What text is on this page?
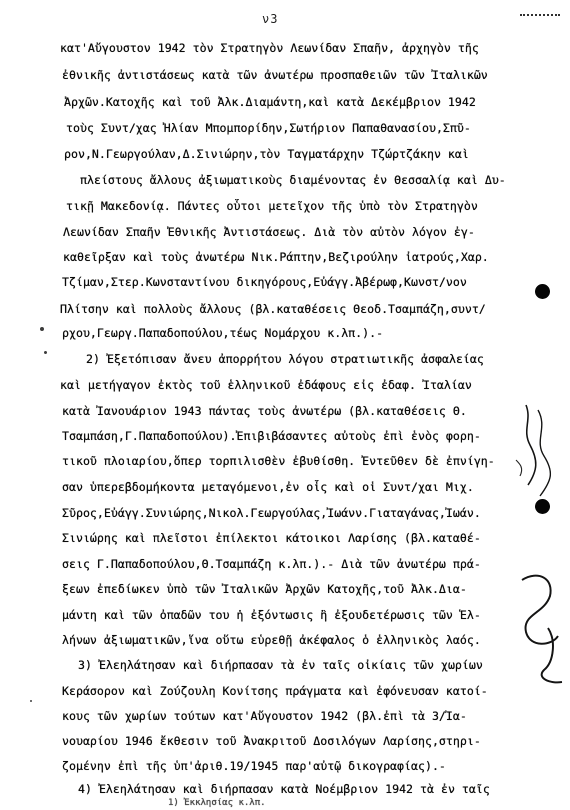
ν3
κατ'Αὔγουστον 1942 τὸν Στρατηγὸν Λεωνίδαν Σπαῆν, ἀρχηγὸν τῆς
ἐθνικῆς ἀντιστάσεως κατὰ τῶν ἀνωτέρω προσπαθειῶν τῶν Ἰταλικῶν
Ἀρχῶν.Κατοχῆς καὶ τοῦ Ἀλκ.Διαμάντη,καὶ κατὰ Δεκέμβριον 1942
τοὺς Συντ/χας Ἠλίαν Μπομπορίδην,Σωτήριον Παπαθανασίου,Σπῦ-
ρον,Ν.Γεωργούλαν,Δ.Σινιώρην,τὸν Ταγματάρχην Τζώρτζάκην καὶ
πλείστους ἄλλους ἀξιωματικοὺς διαμένοντας ἐν Θεσσαλίᾳ καὶ Δυ-
τικῇ Μακεδονίᾳ. Πάντες οὗτοι μετεῖχον τῆς ὑπὸ τὸν Στρατηγὸν
Λεωνίδαν Σπαῆν Ἐθνικῆς Ἀντιστάσεως. Διὰ τὸν αὐτὸν λόγον ἐγ-
καθεῖρξαν καὶ τοὺς ἀνωτέρω Νικ.Ράπτην,Βεζιρούλην ἰατρούς,Χαρ.
Τζίμαν,Στερ.Κωνσταντίνου δικηγόρους,Εὐάγγ.Ἀβέρωφ,Κωνστ/νον
Πλίτσην καὶ πολλοὺς ἄλλους (βλ.καταθέσεις Θεοδ.Τσαμπάζη,συντ/
ρχου,Γεωργ.Παπαδοπούλου,τέως Νομάρχου κ.λπ.).-
2) Ἐξετόπισαν ἄνευ ἀπορρήτου λόγου στρατιωτικῆς ἀσφαλείας
καὶ μετήγαγον ἐκτὸς τοῦ ἑλληνικοῦ ἐδάφους εἰς ἐδαφ. Ἰταλίαν
κατὰ Ἰανουάριον 1943 πάντας τοὺς ἀνωτέρω (βλ.καταθέσεις Θ.
Τσαμπάση,Γ.Παπαδοπούλου).Ἐπιβιβάσαντες αὐτοὺς ἐπὶ ἑνὸς φορη-
τικοῦ πλοιαρίου,ὅπερ τορπιλισθὲν ἐβυθίσθη. Ἐντεῦθεν δὲ ἐπνίγη-
σαν ὑπερεβδομήκοντα μεταγόμενοι,ἐν οἷς καὶ οἱ Συντ/χαι Μιχ.
Σῦρος,Εὐάγγ.Συνιώρης,Νικολ.Γεωργούλας,Ἰωάνν.Γιαταγάνας,Ἰωάν.
Σινιώρης καὶ πλεῖστοι ἐπίλεκτοι κάτοικοι Λαρίσης (βλ.καταθέ-
σεις Γ.Παπαδοπούλου,Θ.Τσαμπάζη κ.λπ.).- Διὰ τῶν ἀνωτέρω πρά-
ξεων ἐπεδίωκεν ὑπὸ τῶν Ἰταλικῶν Ἀρχῶν Κατοχῆς,τοῦ Ἀλκ.Δια-
μάντη καὶ τῶν ὀπαδῶν του ἡ ἐξόντωσις ἢ ἐξουδετέρωσις τῶν Ἑλ-
λήνων ἀξιωματικῶν,ἵνα οὕτω εὑρεθῇ ἀκέφαλος ὁ ἑλληνικὸς λαός.
3) Ἐλεηλάτησαν καὶ διήρπασαν τὰ ἐν ταῖς οἰκίαις τῶν χωρίων
Κεράσορον καὶ Ζούζουλη Κονίτσης πράγματα καὶ ἐφόνευσαν κατοί-
κους τῶν χωρίων τούτων κατ'Αὔγουστον 1942 (βλ.ἐπὶ τὰ 3/Ἰα-
νουαρίου 1946 ἔκθεσιν τοῦ Ἀνακριτοῦ Δοσιλόγων Λαρίσης,στηρι-
ζομένην ἐπὶ τῆς ὑπ'ἀριθ.19/1945 παρ'αὐτῷ δικογραφίας).-
4) Ἐλεηλάτησαν καὶ διήρπασαν κατὰ Νοέμβριον 1942 τὰ ἐν ταῖς
1) Ἐκκλησίας κ.λπ.
